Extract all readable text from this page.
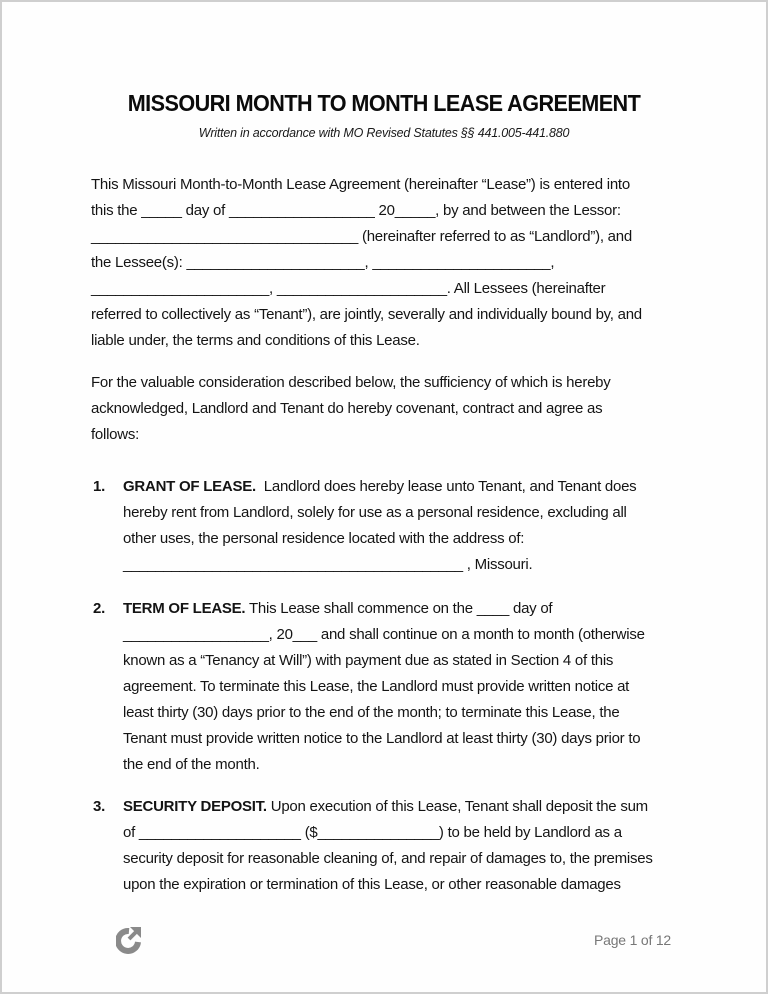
MISSOURI MONTH TO MONTH LEASE AGREEMENT
Written in accordance with MO Revised Statutes §§ 441.005-441.880
This Missouri Month-to-Month Lease Agreement (hereinafter “Lease”) is entered into
this the _____ day of __________________ 20_____, by and between the Lessor:
_________________________________ (hereinafter referred to as “Landlord”), and
the Lessee(s): ______________________, ______________________,
______________________, _____________________. All Lessees (hereinafter
referred to collectively as “Tenant”), are jointly, severally and individually bound by, and
liable under, the terms and conditions of this Lease.
For the valuable consideration described below, the sufficiency of which is hereby
acknowledged, Landlord and Tenant do hereby covenant, contract and agree as
follows:
1. GRANT OF LEASE.  Landlord does hereby lease unto Tenant, and Tenant does
hereby rent from Landlord, solely for use as a personal residence, excluding all
other uses, the personal residence located with the address of:
__________________________________________ , Missouri.
2. TERM OF LEASE. This Lease shall commence on the ____ day of
__________________, 20___ and shall continue on a month to month (otherwise
known as a “Tenancy at Will”) with payment due as stated in Section 4 of this
agreement. To terminate this Lease, the Landlord must provide written notice at
least thirty (30) days prior to the end of the month; to terminate this Lease, the
Tenant must provide written notice to the Landlord at least thirty (30) days prior to
the end of the month.
3. SECURITY DEPOSIT. Upon execution of this Lease, Tenant shall deposit the sum
of ____________________ ($_______________) to be held by Landlord as a
security deposit for reasonable cleaning of, and repair of damages to, the premises
upon the expiration or termination of this Lease, or other reasonable damages
Page 1 of 12
